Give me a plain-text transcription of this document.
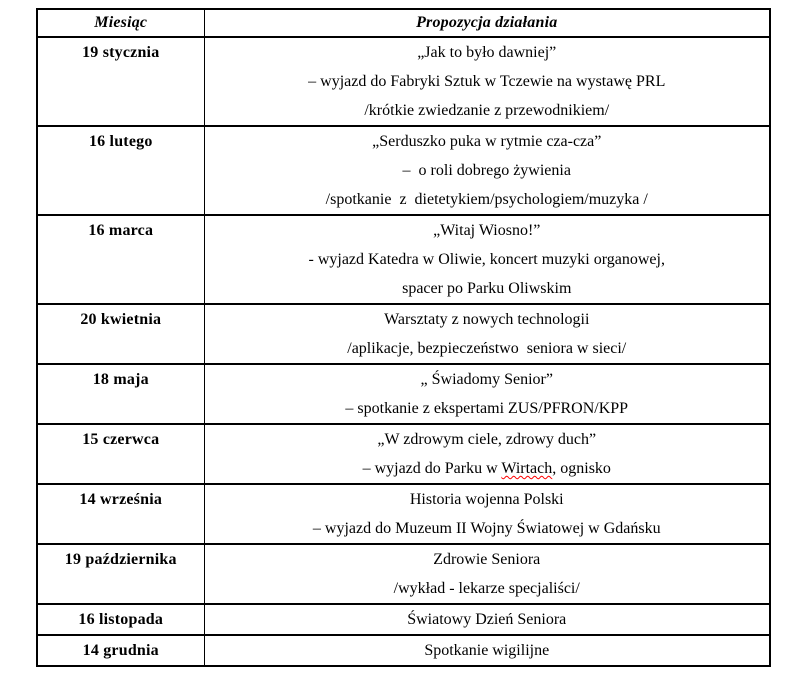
Miesiąc	Propozycja działania
19 stycznia	„Jak to było dawniej”
– wyjazd do Fabryki Sztuk w Tczewie na wystawę PRL
/krótkie zwiedzanie z przewodnikiem/

16 lutego	„Serduszko puka w rytmie cza-cza”
–  o roli dobrego żywienia
/spotkanie  z  dietetykiem/psychologiem/muzyka /

16 marca	„Witaj Wiosno!”
- wyjazd Katedra w Oliwie, koncert muzyki organowej,
spacer po Parku Oliwskim

20 kwietnia	Warsztaty z nowych technologii
/aplikacje, bezpieczeństwo  seniora w sieci/

18 maja	„ Świadomy Senior”
– spotkanie z ekspertami ZUS/PFRON/KPP

15 czerwca	„W zdrowym ciele, zdrowy duch”
– wyjazd do Parku w Wirtach, ognisko

14 września	Historia wojenna Polski
– wyjazd do Muzeum II Wojny Światowej w Gdańsku

19 października	Zdrowie Seniora
/wykład - lekarze specjaliści/

16 listopada	Światowy Dzień Seniora

14 grudnia	Spotkanie wigilijne
